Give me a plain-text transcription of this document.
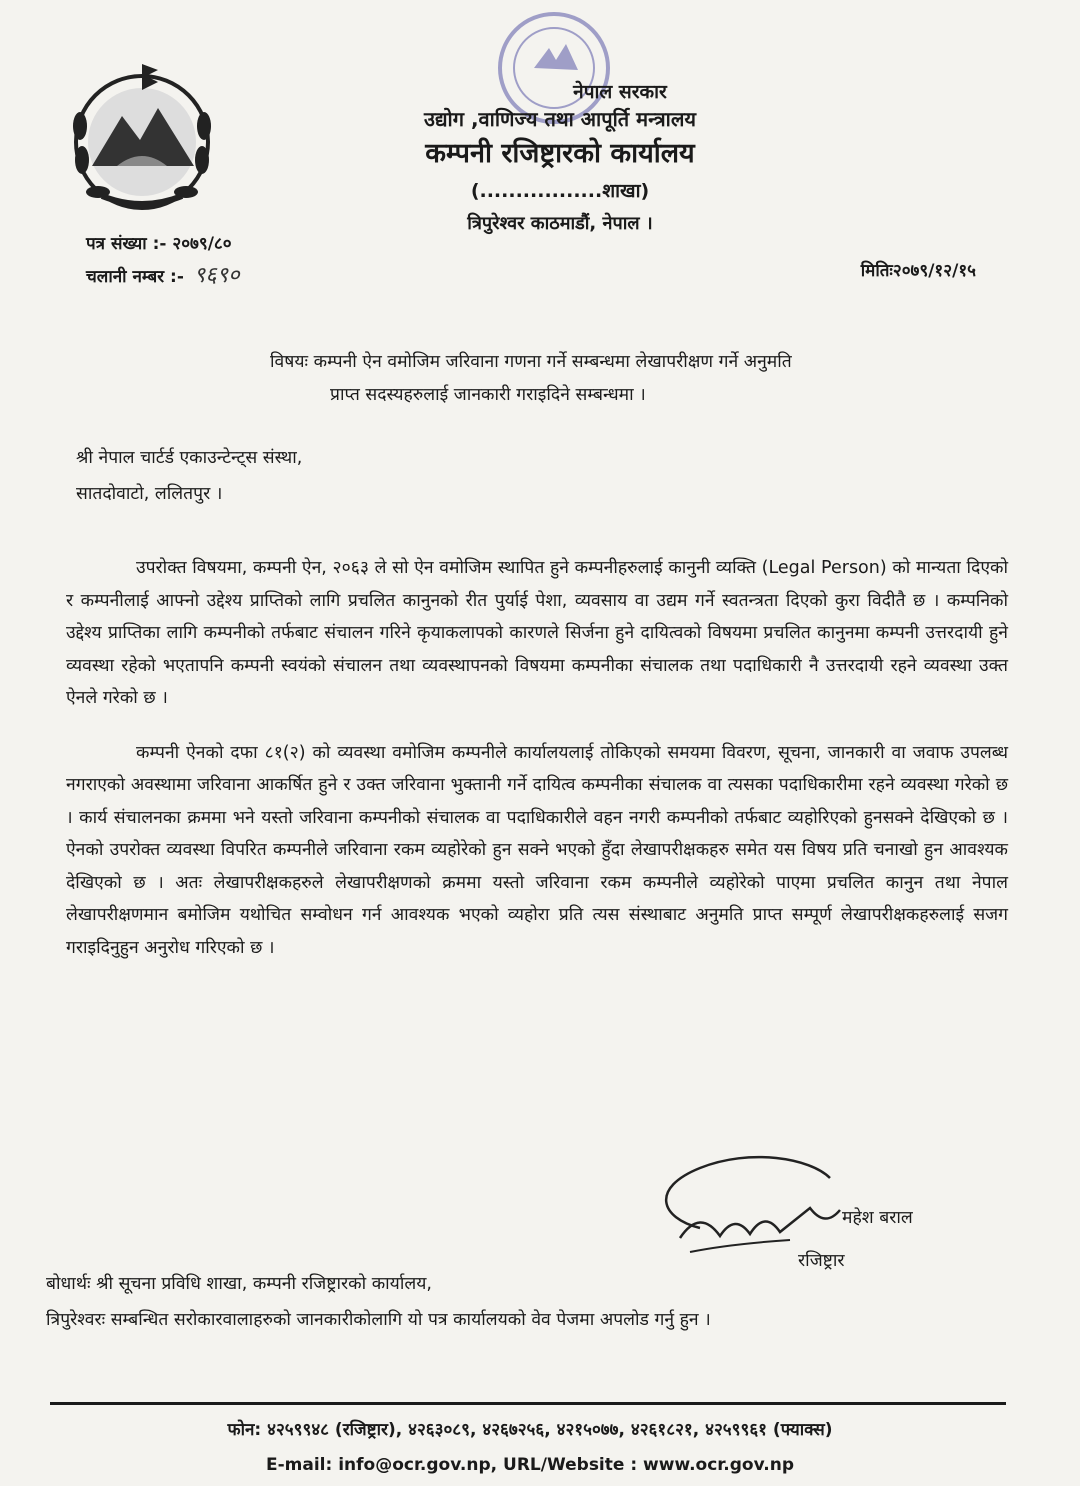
नेपाल सरकार
उद्योग ,वाणिज्य तथा आपूर्ति मन्त्रालय
कम्पनी रजिष्ट्रारको कार्यालय
(.................शाखा)
त्रिपुरेश्वर काठमाडौं, नेपाल ।
पत्र संख्या :- २०७९/८०
चलानी नम्बर :- ९६९०	मितिः२०७९/१२/१५
विषयः कम्पनी ऐन वमोजिम जरिवाना गणना गर्ने सम्बन्धमा लेखापरीक्षण गर्ने अनुमति
प्राप्त सदस्यहरुलाई जानकारी गराइदिने सम्बन्धमा ।
श्री नेपाल चार्टर्ड एकाउन्टेन्ट्स संस्था,
सातदोवाटो, ललितपुर ।

उपरोक्त विषयमा, कम्पनी ऐन, २०६३ ले सो ऐन वमोजिम स्थापित हुने कम्पनीहरुलाई कानुनी व्यक्ति (Legal Person) को मान्यता दिएको र कम्पनीलाई आफ्नो उद्देश्य प्राप्तिको लागि प्रचलित कानुनको रीत पुर्याई पेशा, व्यवसाय वा उद्यम गर्ने स्वतन्त्रता दिएको कुरा विदीतै छ । कम्पनिको उद्देश्य प्राप्तिका लागि कम्पनीको तर्फबाट संचालन गरिने कृयाकलापको कारणले सिर्जना हुने दायित्वको विषयमा प्रचलित कानुनमा कम्पनी उत्तरदायी हुने व्यवस्था रहेको भएतापनि कम्पनी स्वयंको संचालन तथा व्यवस्थापनको विषयमा कम्पनीका संचालक तथा पदाधिकारी नै उत्तरदायी रहने व्यवस्था उक्त ऐनले गरेको छ ।

कम्पनी ऐनको दफा ८१(२) को व्यवस्था वमोजिम कम्पनीले कार्यालयलाई तोकिएको समयमा विवरण, सूचना, जानकारी वा जवाफ उपलब्ध नगराएको अवस्थामा जरिवाना आकर्षित हुने र उक्त जरिवाना भुक्तानी गर्ने दायित्व कम्पनीका संचालक वा त्यसका पदाधिकारीमा रहने व्यवस्था गरेको छ । कार्य संचालनका क्रममा भने यस्तो जरिवाना कम्पनीको संचालक वा पदाधिकारीले वहन नगरी कम्पनीको तर्फबाट व्यहोरिएको हुनसक्ने देखिएको छ । ऐनको उपरोक्त व्यवस्था विपरित कम्पनीले जरिवाना रकम व्यहोरेको हुन सक्ने भएको हुँदा लेखापरीक्षकहरु समेत यस विषय प्रति चनाखो हुन आवश्यक देखिएको छ । अतः लेखापरीक्षकहरुले लेखापरीक्षणको क्रममा यस्तो जरिवाना रकम कम्पनीले व्यहोरेको पाएमा प्रचलित कानुन तथा नेपाल लेखापरीक्षणमान बमोजिम यथोचित सम्वोधन गर्न आवश्यक भएको व्यहोरा प्रति त्यस संस्थाबाट अनुमति प्राप्त सम्पूर्ण लेखापरीक्षकहरुलाई सजग गराइदिनुहुन अनुरोध गरिएको छ ।

महेश बराल
रजिष्ट्रार
बोधार्थः श्री सूचना प्रविधि शाखा, कम्पनी रजिष्ट्रारको कार्यालय,
त्रिपुरेश्वरः सम्बन्धित सरोकारवालाहरुको जानकारीकोलागि यो पत्र कार्यालयको वेव पेजमा अपलोड गर्नु हुन ।
फोन: ४२५९९४८ (रजिष्ट्रार), ४२६३०८९, ४२६७२५६, ४२१५०७७, ४२६१८२१, ४२५९९६१ (फ्याक्स)
E-mail: info@ocr.gov.np, URL/Website : www.ocr.gov.np
